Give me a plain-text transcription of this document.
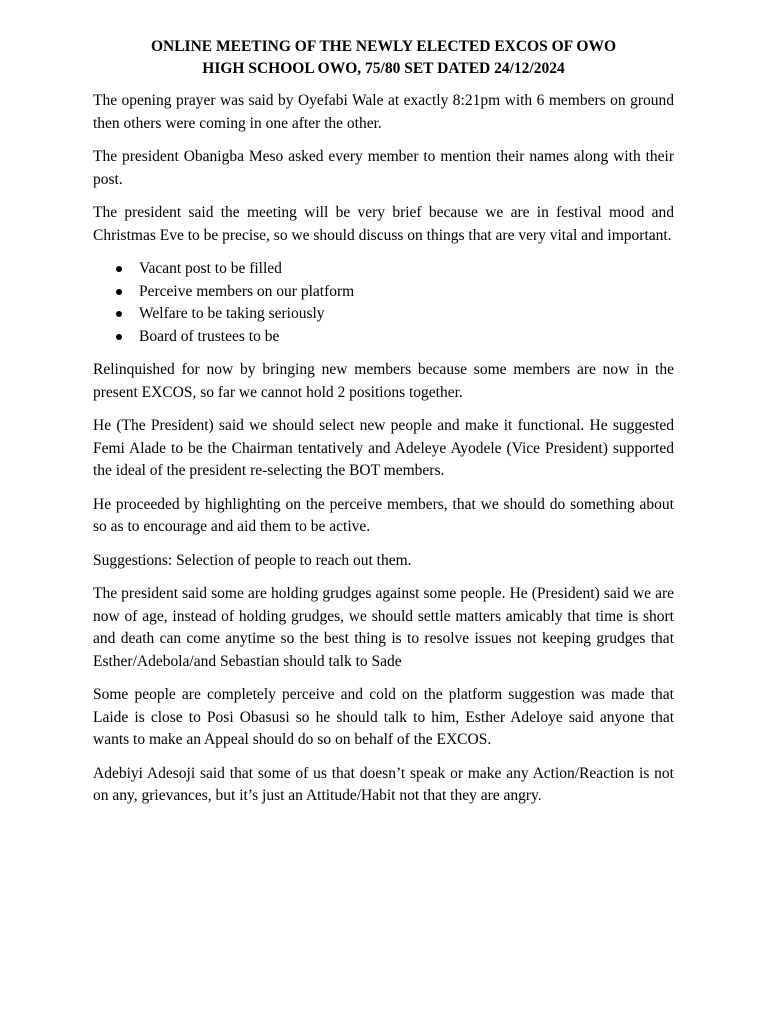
ONLINE MEETING OF THE NEWLY ELECTED EXCOS OF OWO
HIGH SCHOOL OWO, 75/80 SET DATED 24/12/2024

The opening prayer was said by Oyefabi Wale at exactly 8:21pm with 6 members on ground then others were coming in one after the other.

The president Obanigba Meso asked every member to mention their names along with their post.

The president said the meeting will be very brief because we are in festival mood and Christmas Eve to be precise, so we should discuss on things that are very vital and important.

Vacant post to be filled
Perceive members on our platform
Welfare to be taking seriously
Board of trustees to be

Relinquished for now by bringing new members because some members are now in the present EXCOS, so far we cannot hold 2 positions together.

He (The President) said we should select new people and make it functional. He suggested Femi Alade to be the Chairman tentatively and Adeleye Ayodele (Vice President) supported the ideal of the president re-selecting the BOT members.

He proceeded by highlighting on the perceive members, that we should do something about so as to encourage and aid them to be active.

Suggestions: Selection of people to reach out them.

The president said some are holding grudges against some people. He (President) said we are now of age, instead of holding grudges, we should settle matters amicably that time is short and death can come anytime so the best thing is to resolve issues not keeping grudges that Esther/Adebola/and Sebastian should talk to Sade

Some people are completely perceive and cold on the platform suggestion was made that Laide is close to Posi Obasusi so he should talk to him, Esther Adeloye said anyone that wants to make an Appeal should do so on behalf of the EXCOS.

Adebiyi Adesoji said that some of us that doesn’t speak or make any Action/Reaction is not on any, grievances, but it’s just an Attitude/Habit not that they are angry.
